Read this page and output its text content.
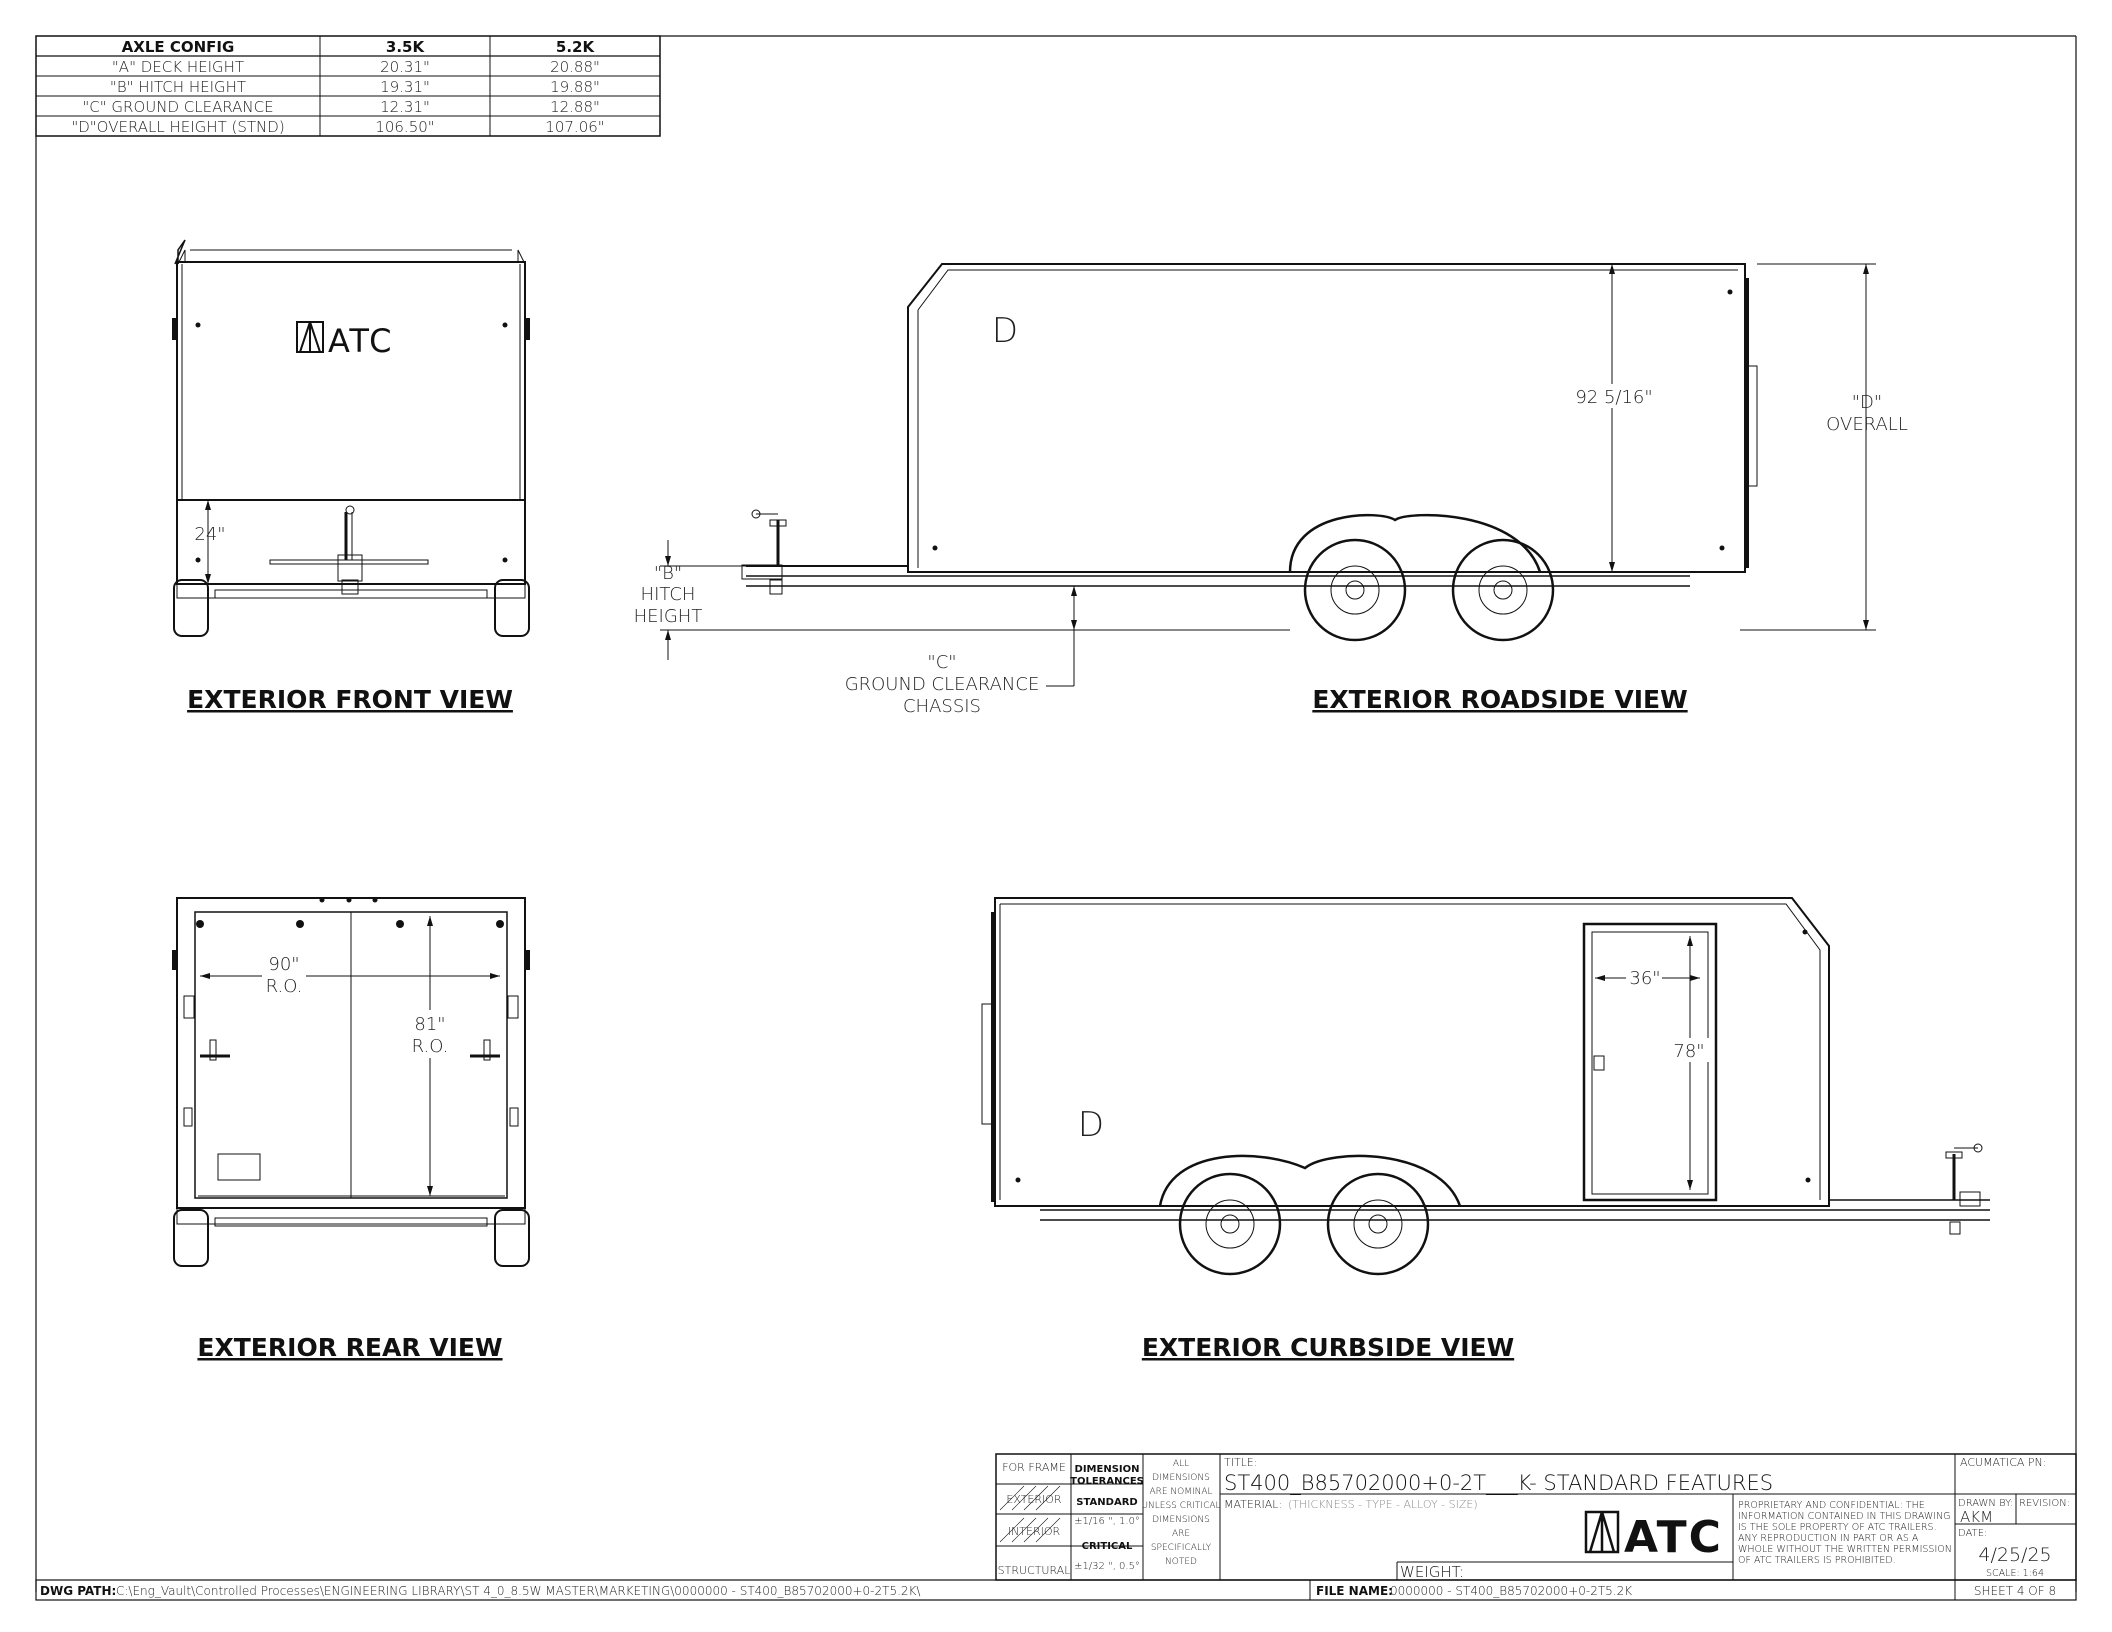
AXLE CONFIG	3.5K	5.2K
"A" DECK HEIGHT	20.31"	20.88"
"B" HITCH HEIGHT	19.31"	19.88"
"C" GROUND CLEARANCE	12.31"	12.88"
"D"OVERALL HEIGHT (STND)	106.50"	107.06"
ATC
24"
EXTERIOR FRONT VIEW
D
92 5/16"	"D"
OVERALL
"B"
HITCH
HEIGHT
"C"
GROUND CLEARANCE
CHASSIS	EXTERIOR ROADSIDE VIEW
90"
R.O.
81"
R.O.
EXTERIOR REAR VIEW
D
36"
78"
EXTERIOR CURBSIDE VIEW
FOR FRAME
EXTERIOR
INTERIOR
STRUCTURAL
DIMENSION
TOLERANCES
STANDARD
±1/16 ", 1.0°
CRITICAL
±1/32 ", 0.5°
ALL
DIMENSIONS
ARE NOMINAL
UNLESS CRITICAL
DIMENSIONS
ARE
SPECIFICALLY
NOTED
TITLE:
ST400_B85702000+0-2T___K- STANDARD FEATURES
MATERIAL: (THICKNESS - TYPE - ALLOY - SIZE)
WEIGHT:
ATC
PROPRIETARY AND CONFIDENTIAL: THE
INFORMATION CONTAINED IN THIS DRAWING
IS THE SOLE PROPERTY OF ATC TRAILERS.
ANY REPRODUCTION IN PART OR AS A
WHOLE WITHOUT THE WRITTEN PERMISSION
OF ATC TRAILERS IS PROHIBITED.
ACUMATICA PN:
DRAWN BY: REVISION:
AKM
DATE:
4/25/25
SCALE: 1:64
DWG PATH: C:\Eng_Vault\Controlled Processes\ENGINEERING LIBRARY\ST 4_0_8.5W MASTER\MARKETING\0000000 - ST400_B85702000+0-2T5.2K\	FILE NAME:
0000000 - ST400_B85702000+0-2T5.2K	SHEET 4 OF 8
